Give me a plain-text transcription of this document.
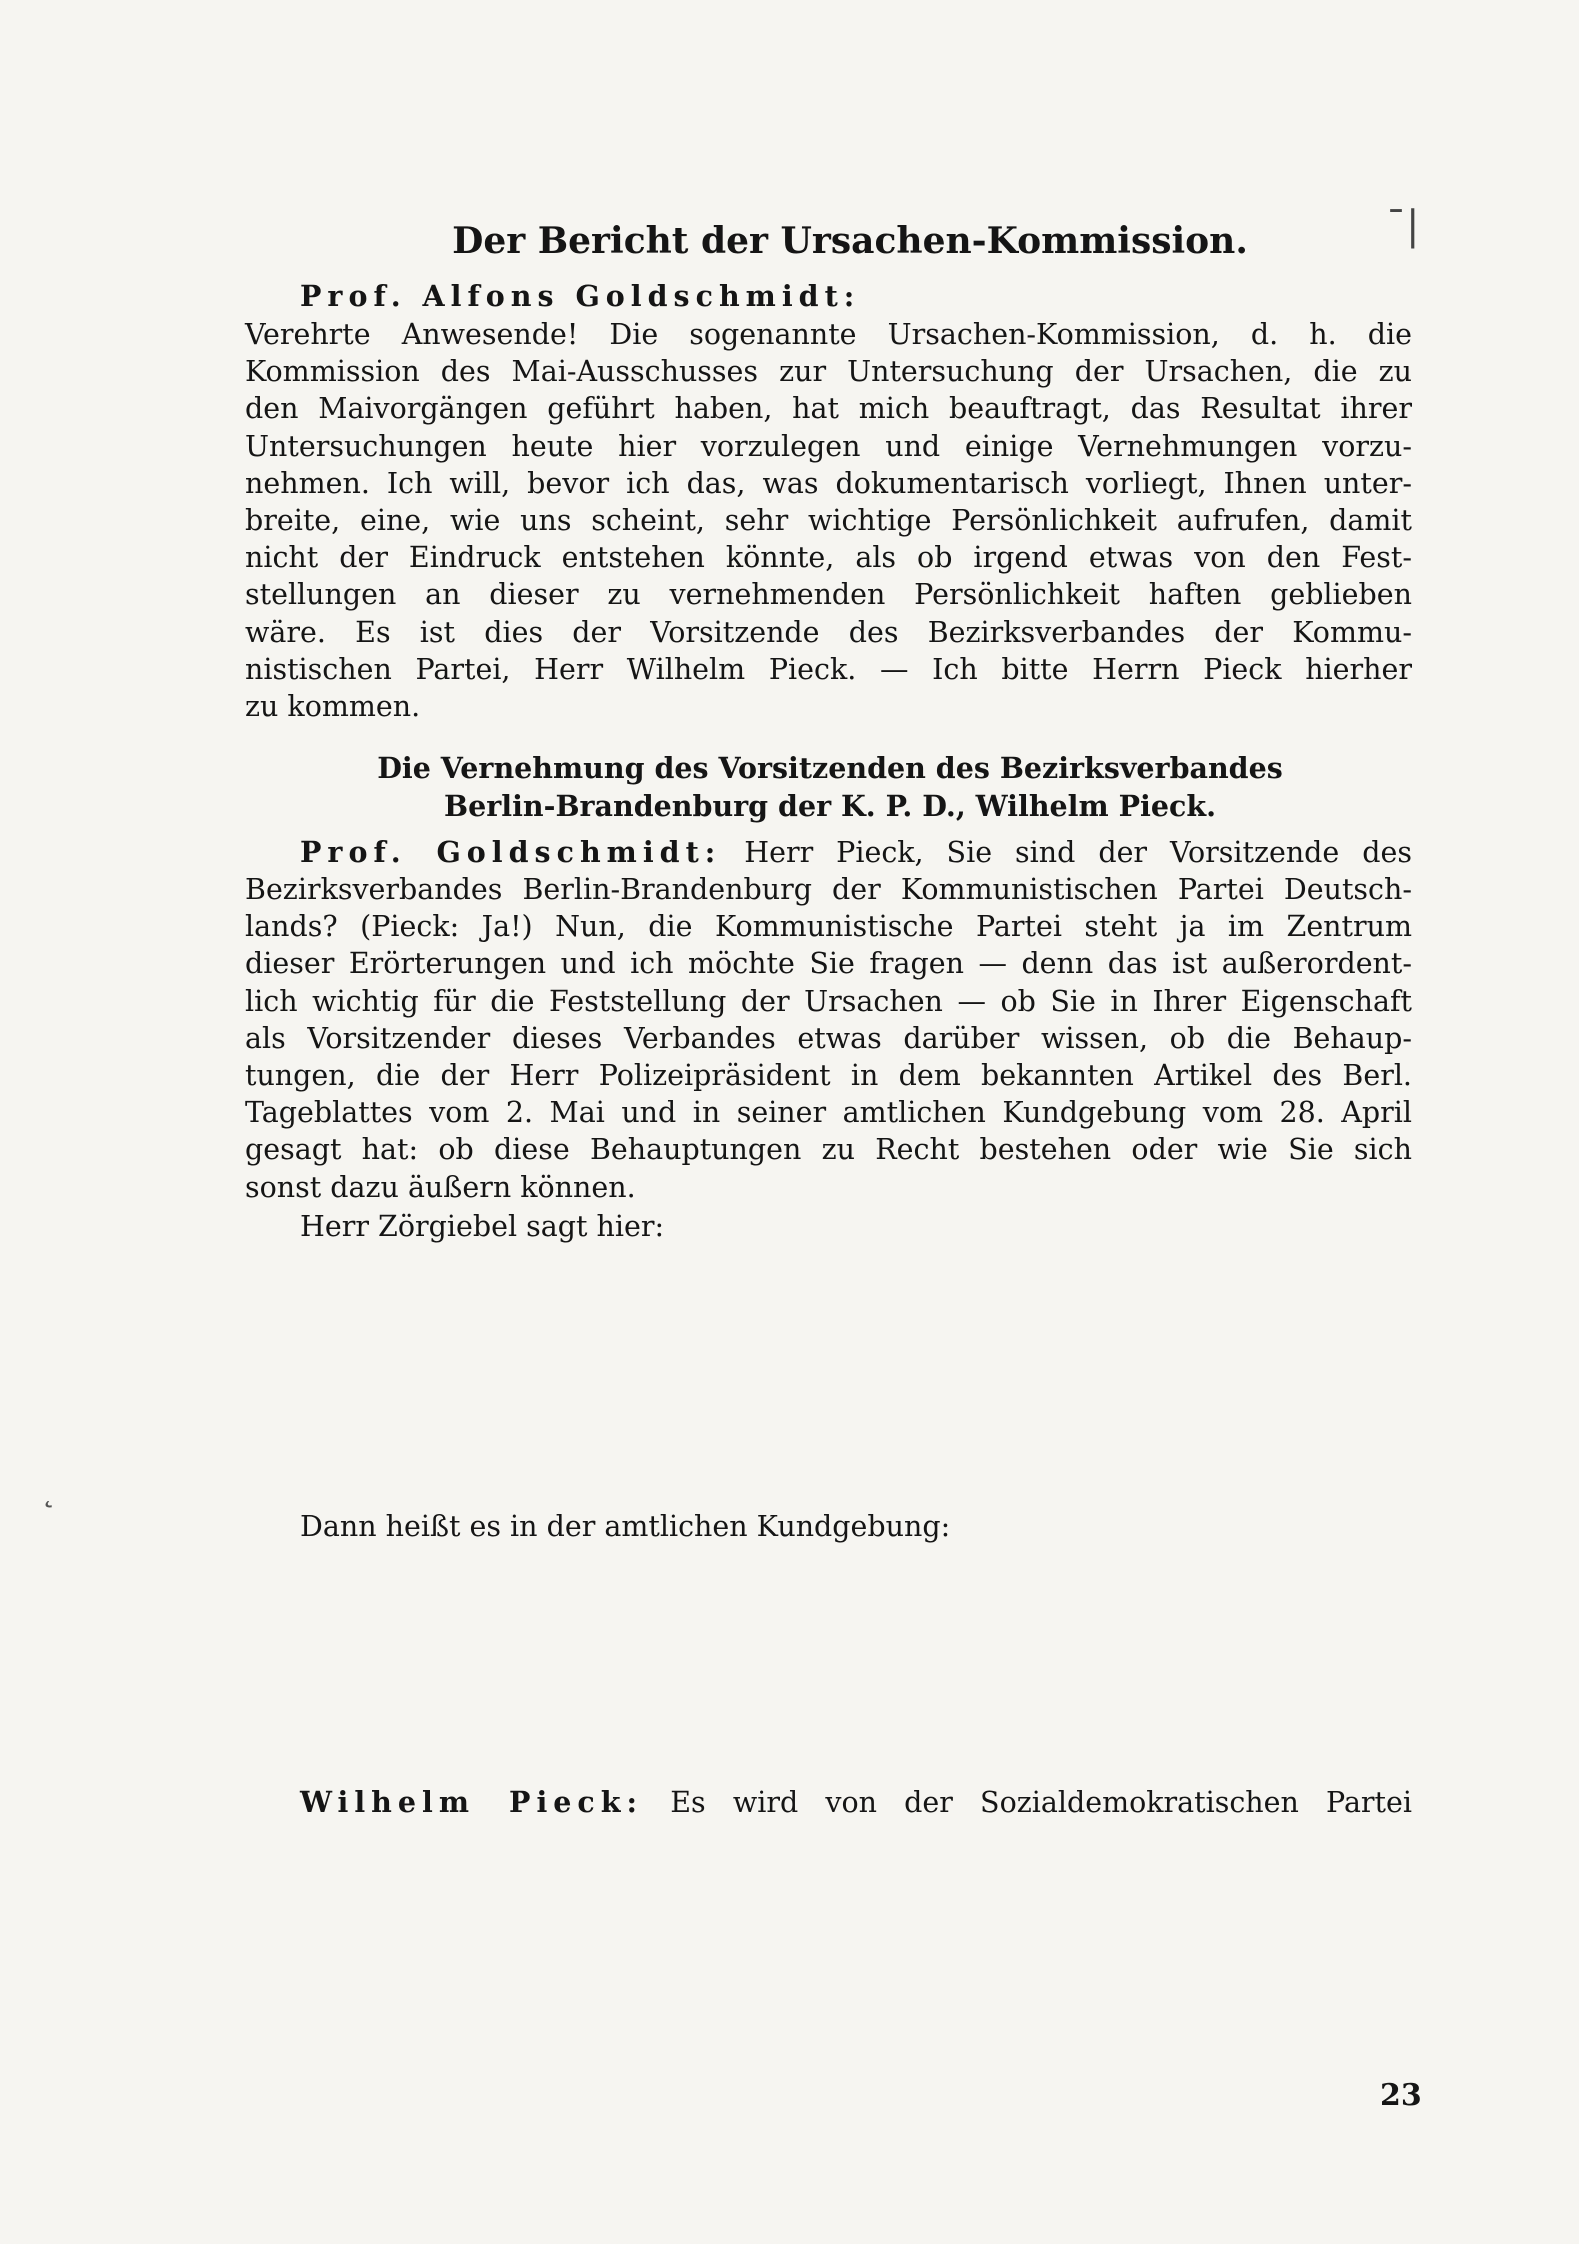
ˉ|
˛
Der Bericht der Ursachen-Kommission.
Prof. Alfons Goldschmidt:
Verehrte Anwesende! Die sogenannte Ursachen-Kommission, d. h. die
Kommission des Mai-Ausschusses zur Untersuchung der Ursachen, die zu
den Maivorgängen geführt haben, hat mich beauftragt, das Resultat ihrer
Untersuchungen heute hier vorzulegen und einige Vernehmungen vorzu-
nehmen. Ich will, bevor ich das, was dokumentarisch vorliegt, Ihnen unter-
breite, eine, wie uns scheint, sehr wichtige Persönlichkeit aufrufen, damit
nicht der Eindruck entstehen könnte, als ob irgend etwas von den Fest-
stellungen an dieser zu vernehmenden Persönlichkeit haften geblieben
wäre. Es ist dies der Vorsitzende des Bezirksverbandes der Kommu-
nistischen Partei, Herr Wilhelm Pieck. — Ich bitte Herrn Pieck hierher
zu kommen.
Die Vernehmung des Vorsitzenden des Bezirksverbandes
Berlin-Brandenburg der K. P. D., Wilhelm Pieck.
Prof. Goldschmidt: Herr Pieck, Sie sind der Vorsitzende des
Bezirksverbandes Berlin-Brandenburg der Kommunistischen Partei Deutsch-
lands? (Pieck: Ja!) Nun, die Kommunistische Partei steht ja im Zentrum
dieser Erörterungen und ich möchte Sie fragen — denn das ist außerordent-
lich wichtig für die Feststellung der Ursachen — ob Sie in Ihrer Eigenschaft
als Vorsitzender dieses Verbandes etwas darüber wissen, ob die Behaup-
tungen, die der Herr Polizeipräsident in dem bekannten Artikel des Berl.
Tageblattes vom 2. Mai und in seiner amtlichen Kundgebung vom 28. April
gesagt hat: ob diese Behauptungen zu Recht bestehen oder wie Sie sich
sonst dazu äußern können.
Herr Zörgiebel sagt hier:
Dann heißt es in der amtlichen Kundgebung:
Wilhelm Pieck: Es wird von der Sozialdemokratischen Partei
23
